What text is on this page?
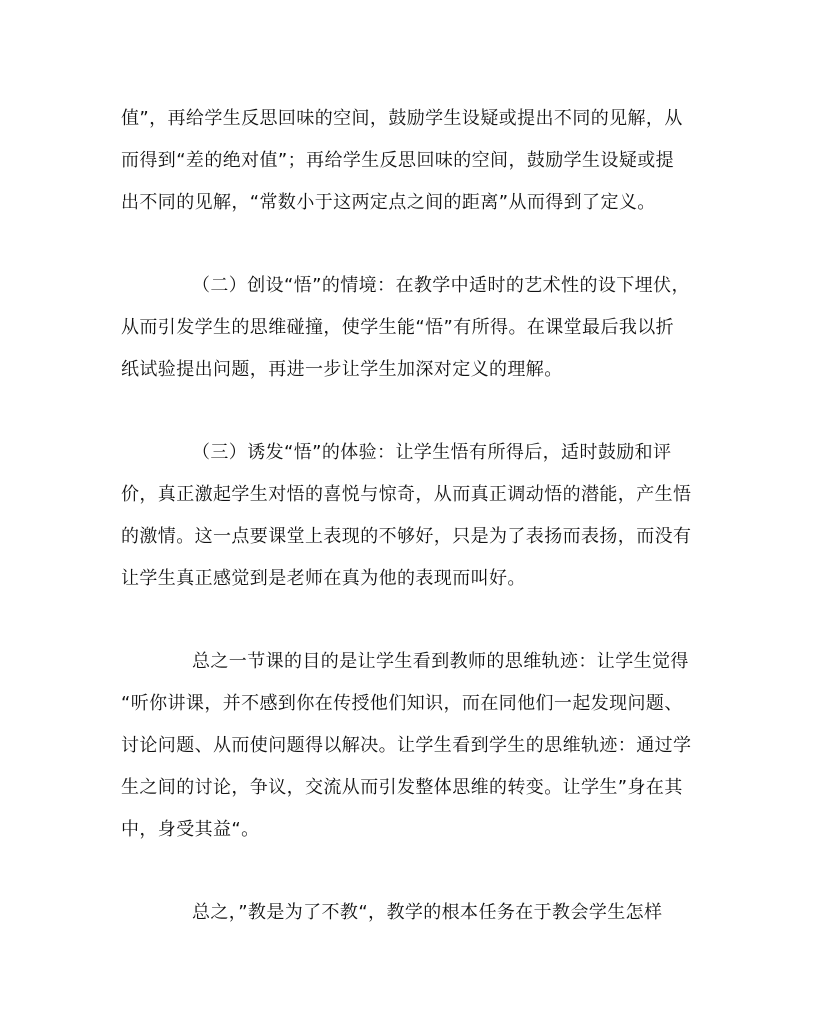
值”，再给学生反思回味的空间，鼓励学生设疑或提出不同的见解，从
而得到“差的绝对值”；再给学生反思回味的空间，鼓励学生设疑或提
出不同的见解，“常数小于这两定点之间的距离”从而得到了定义。
（二）创设“悟”的情境：在教学中适时的艺术性的设下埋伏，
从而引发学生的思维碰撞，使学生能“悟”有所得。在课堂最后我以折
纸试验提出问题，再进一步让学生加深对定义的理解。
（三）诱发“悟”的体验：让学生悟有所得后，适时鼓励和评
价，真正激起学生对悟的喜悦与惊奇，从而真正调动悟的潜能，产生悟
的激情。这一点要课堂上表现的不够好，只是为了表扬而表扬，而没有
让学生真正感觉到是老师在真为他的表现而叫好。
总之一节课的目的是让学生看到教师的思维轨迹：让学生觉得
“听你讲课，并不感到你在传授他们知识，而在同他们一起发现问题、
讨论问题、从而使问题得以解决。让学生看到学生的思维轨迹：通过学
生之间的讨论，争议，交流从而引发整体思维的转变。让学生”身在其
中，身受其益“。
总之，”教是为了不教“，教学的根本任务在于教会学生怎样
